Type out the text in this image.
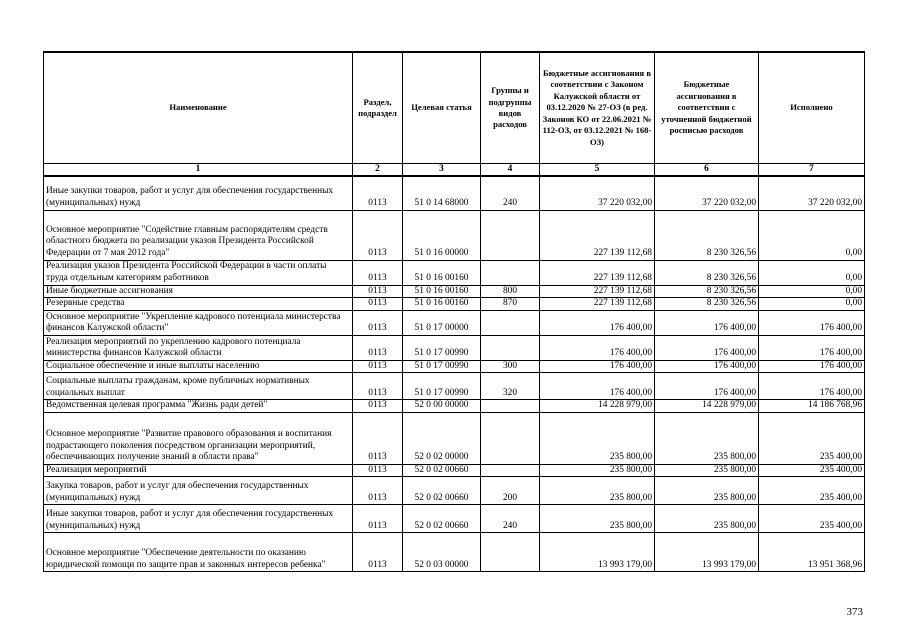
Наименование	Раздел, подраздел	Целевая статья	Группы и подгруппы видов расходов	Бюджетные ассигнования в соответствии с Законом Калужской области от 03.12.2020 № 27-ОЗ (в ред. Законов КО от 22.06.2021 № 112-ОЗ, от 03.12.2021 № 168-ОЗ)	Бюджетные ассигнования в соответствии с уточненной бюджетной росписью расходов	Исполнено
1	2	3	4	5	6	7
Иные закупки товаров, работ и услуг для обеспечения государственных (муниципальных) нужд	0113	51 0 14 68000	240	37 220 032,00	37 220 032,00	37 220 032,00
Основное мероприятие "Содействие главным распорядителям средств областного бюджета по реализации указов Президента Российской Федерации от 7 мая 2012 года"	0113	51 0 16 00000		227 139 112,68	8 230 326,56	0,00
Реализация указов Президента Российской Федерации в части оплаты труда отдельным категориям работников	0113	51 0 16 00160		227 139 112,68	8 230 326,56	0,00
Иные бюджетные ассигнования	0113	51 0 16 00160	800	227 139 112,68	8 230 326,56	0,00
Резервные средства	0113	51 0 16 00160	870	227 139 112,68	8 230 326,56	0,00
Основное мероприятие "Укрепление кадрового потенциала министерства финансов Калужской области"	0113	51 0 17 00000		176 400,00	176 400,00	176 400,00
Реализация мероприятий по укреплению кадрового потенциала министерства финансов Калужской области	0113	51 0 17 00990		176 400,00	176 400,00	176 400,00
Социальное обеспечение и иные выплаты населению	0113	51 0 17 00990	300	176 400,00	176 400,00	176 400,00
Социальные выплаты гражданам, кроме публичных нормативных социальных выплат	0113	51 0 17 00990	320	176 400,00	176 400,00	176 400,00
Ведомственная целевая программа "Жизнь ради детей"	0113	52 0 00 00000		14 228 979,00	14 228 979,00	14 186 768,96
Основное мероприятие "Развитие правового образования и воспитания подрастающего поколения посредством организации мероприятий, обеспечивающих получение знаний в области права"	0113	52 0 02 00000		235 800,00	235 800,00	235 400,00
Реализация мероприятий	0113	52 0 02 00660		235 800,00	235 800,00	235 400,00
Закупка товаров, работ и услуг для обеспечения государственных (муниципальных) нужд	0113	52 0 02 00660	200	235 800,00	235 800,00	235 400,00
Иные закупки товаров, работ и услуг для обеспечения государственных (муниципальных) нужд	0113	52 0 02 00660	240	235 800,00	235 800,00	235 400,00
Основное мероприятие "Обеспечение деятельности по оказанию юридической помощи по защите прав и законных интересов ребенка"	0113	52 0 03 00000		13 993 179,00	13 993 179,00	13 951 368,96
373
